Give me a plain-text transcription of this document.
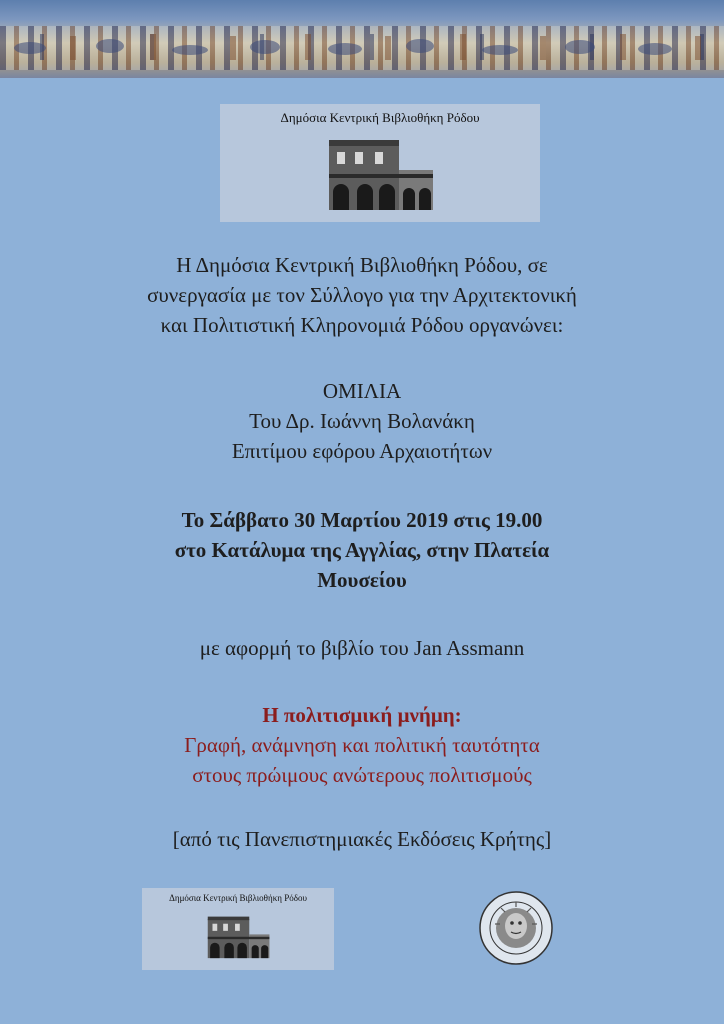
Δημόσια Κεντρική Βιβλιοθήκη Ρόδου

Η Δημόσια Κεντρική Βιβλιοθήκη Ρόδου, σε

συνεργασία με τον Σύλλογο για την Αρχιτεκτονική

και Πολιτιστική Κληρονομιά Ρόδου οργανώνει:

ΟΜΙΛΙΑ

Του Δρ. Ιωάννη Βολανάκη

Επιτίμου εφόρου Αρχαιοτήτων

Το Σάββατο 30 Μαρτίου 2019 στις 19.00

στο Κατάλυμα της Αγγλίας, στην Πλατεία

Μουσείου

με αφορμή το βιβλίο του Jan Assmann

Η πολιτισμική μνήμη:

Γραφή, ανάμνηση και πολιτική ταυτότητα

στους πρώιμους ανώτερους πολιτισμούς

[από τις Πανεπιστημιακές Εκδόσεις Κρήτης]

Δημόσια Κεντρική Βιβλιοθήκη Ρόδου
